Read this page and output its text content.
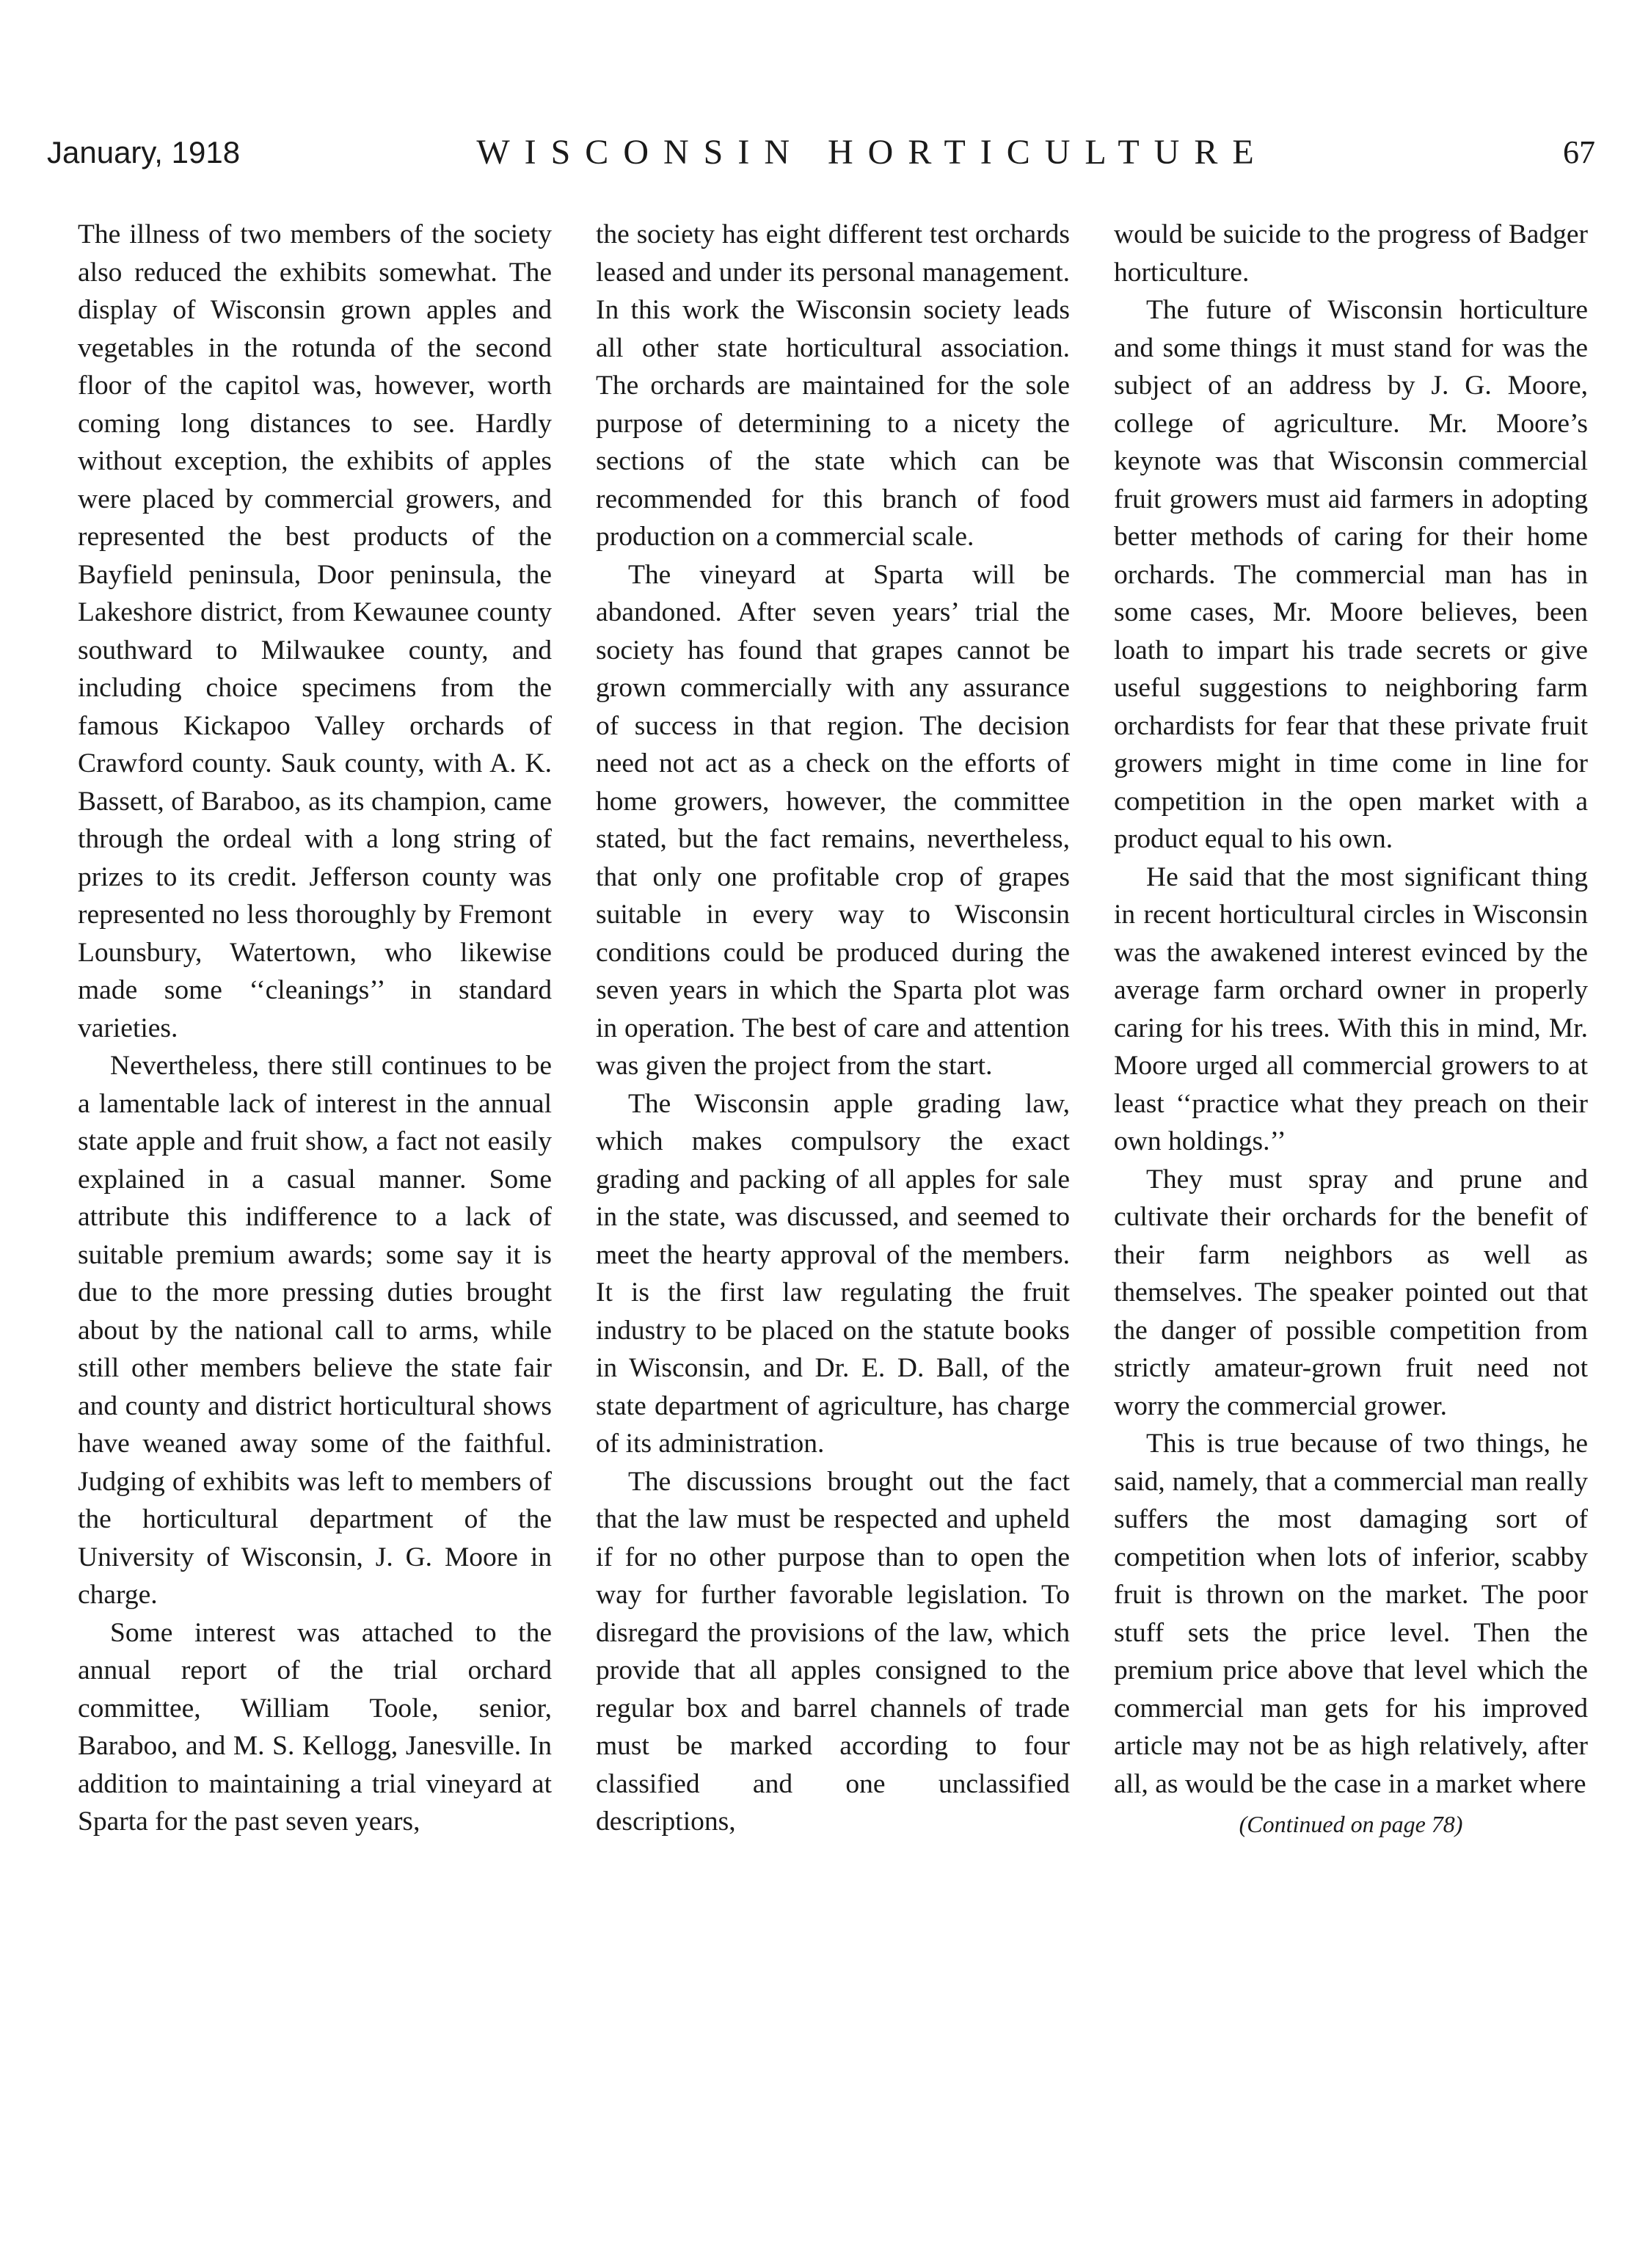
January, 1918	WISCONSIN HORTICULTURE	67

The illness of two members of the society also reduced the exhibits somewhat. The display of Wisconsin grown apples and vegetables in the rotunda of the second floor of the capitol was, however, worth coming long distances to see. Hardly without exception, the exhibits of apples were placed by commercial growers, and represented the best products of the Bayfield peninsula, Door peninsula, the Lakeshore district, from Kewaunee county southward to Milwaukee county, and including choice specimens from the famous Kickapoo Valley orchards of Crawford county. Sauk county, with A. K. Bassett, of Baraboo, as its champion, came through the ordeal with a long string of prizes to its credit. Jefferson county was represented no less thoroughly by Fremont Lounsbury, Watertown, who likewise made some ‘‘cleanings’’ in standard varieties.

Nevertheless, there still continues to be a lamentable lack of interest in the annual state apple and fruit show, a fact not easily explained in a casual manner. Some attribute this indifference to a lack of suitable premium awards; some say it is due to the more pressing duties brought about by the national call to arms, while still other members believe the state fair and county and district horticultural shows have weaned away some of the faithful. Judging of exhibits was left to members of the horticultural department of the University of Wisconsin, J. G. Moore in charge.

Some interest was attached to the annual report of the trial orchard committee, William Toole, senior, Baraboo, and M. S. Kellogg, Janesville. In addition to maintaining a trial vineyard at Sparta for the past seven years,

the society has eight different test orchards leased and under its personal management. In this work the Wisconsin society leads all other state horticultural association. The orchards are maintained for the sole purpose of determining to a nicety the sections of the state which can be recommended for this branch of food production on a commercial scale.

The vineyard at Sparta will be abandoned. After seven years’ trial the society has found that grapes cannot be grown commercially with any assurance of success in that region. The decision need not act as a check on the efforts of home growers, however, the committee stated, but the fact remains, nevertheless, that only one profitable crop of grapes suitable in every way to Wisconsin conditions could be produced during the seven years in which the Sparta plot was in operation. The best of care and attention was given the project from the start.

The Wisconsin apple grading law, which makes compulsory the exact grading and packing of all apples for sale in the state, was discussed, and seemed to meet the hearty approval of the members. It is the first law regulating the fruit industry to be placed on the statute books in Wisconsin, and Dr. E. D. Ball, of the state department of agriculture, has charge of its administration.

The discussions brought out the fact that the law must be respected and upheld if for no other purpose than to open the way for further favorable legislation. To disregard the provisions of the law, which provide that all apples consigned to the regular box and barrel channels of trade must be marked according to four classified and one unclassified descriptions,

would be suicide to the progress of Badger horticulture.

The future of Wisconsin horticulture and some things it must stand for was the subject of an address by J. G. Moore, college of agriculture. Mr. Moore’s keynote was that Wisconsin commercial fruit growers must aid farmers in adopting better methods of caring for their home orchards. The commercial man has in some cases, Mr. Moore believes, been loath to impart his trade secrets or give useful suggestions to neighboring farm orchardists for fear that these private fruit growers might in time come in line for competition in the open market with a product equal to his own.

He said that the most significant thing in recent horticultural circles in Wisconsin was the awakened interest evinced by the average farm orchard owner in properly caring for his trees. With this in mind, Mr. Moore urged all commercial growers to at least ‘‘practice what they preach on their own holdings.’’

They must spray and prune and cultivate their orchards for the benefit of their farm neighbors as well as themselves. The speaker pointed out that the danger of possible competition from strictly amateur-grown fruit need not worry the commercial grower.

This is true because of two things, he said, namely, that a commercial man really suffers the most damaging sort of competition when lots of inferior, scabby fruit is thrown on the market. The poor stuff sets the price level. Then the premium price above that level which the commercial man gets for his improved article may not be as high relatively, after all, as would be the case in a market where

(Continued on page 78)
